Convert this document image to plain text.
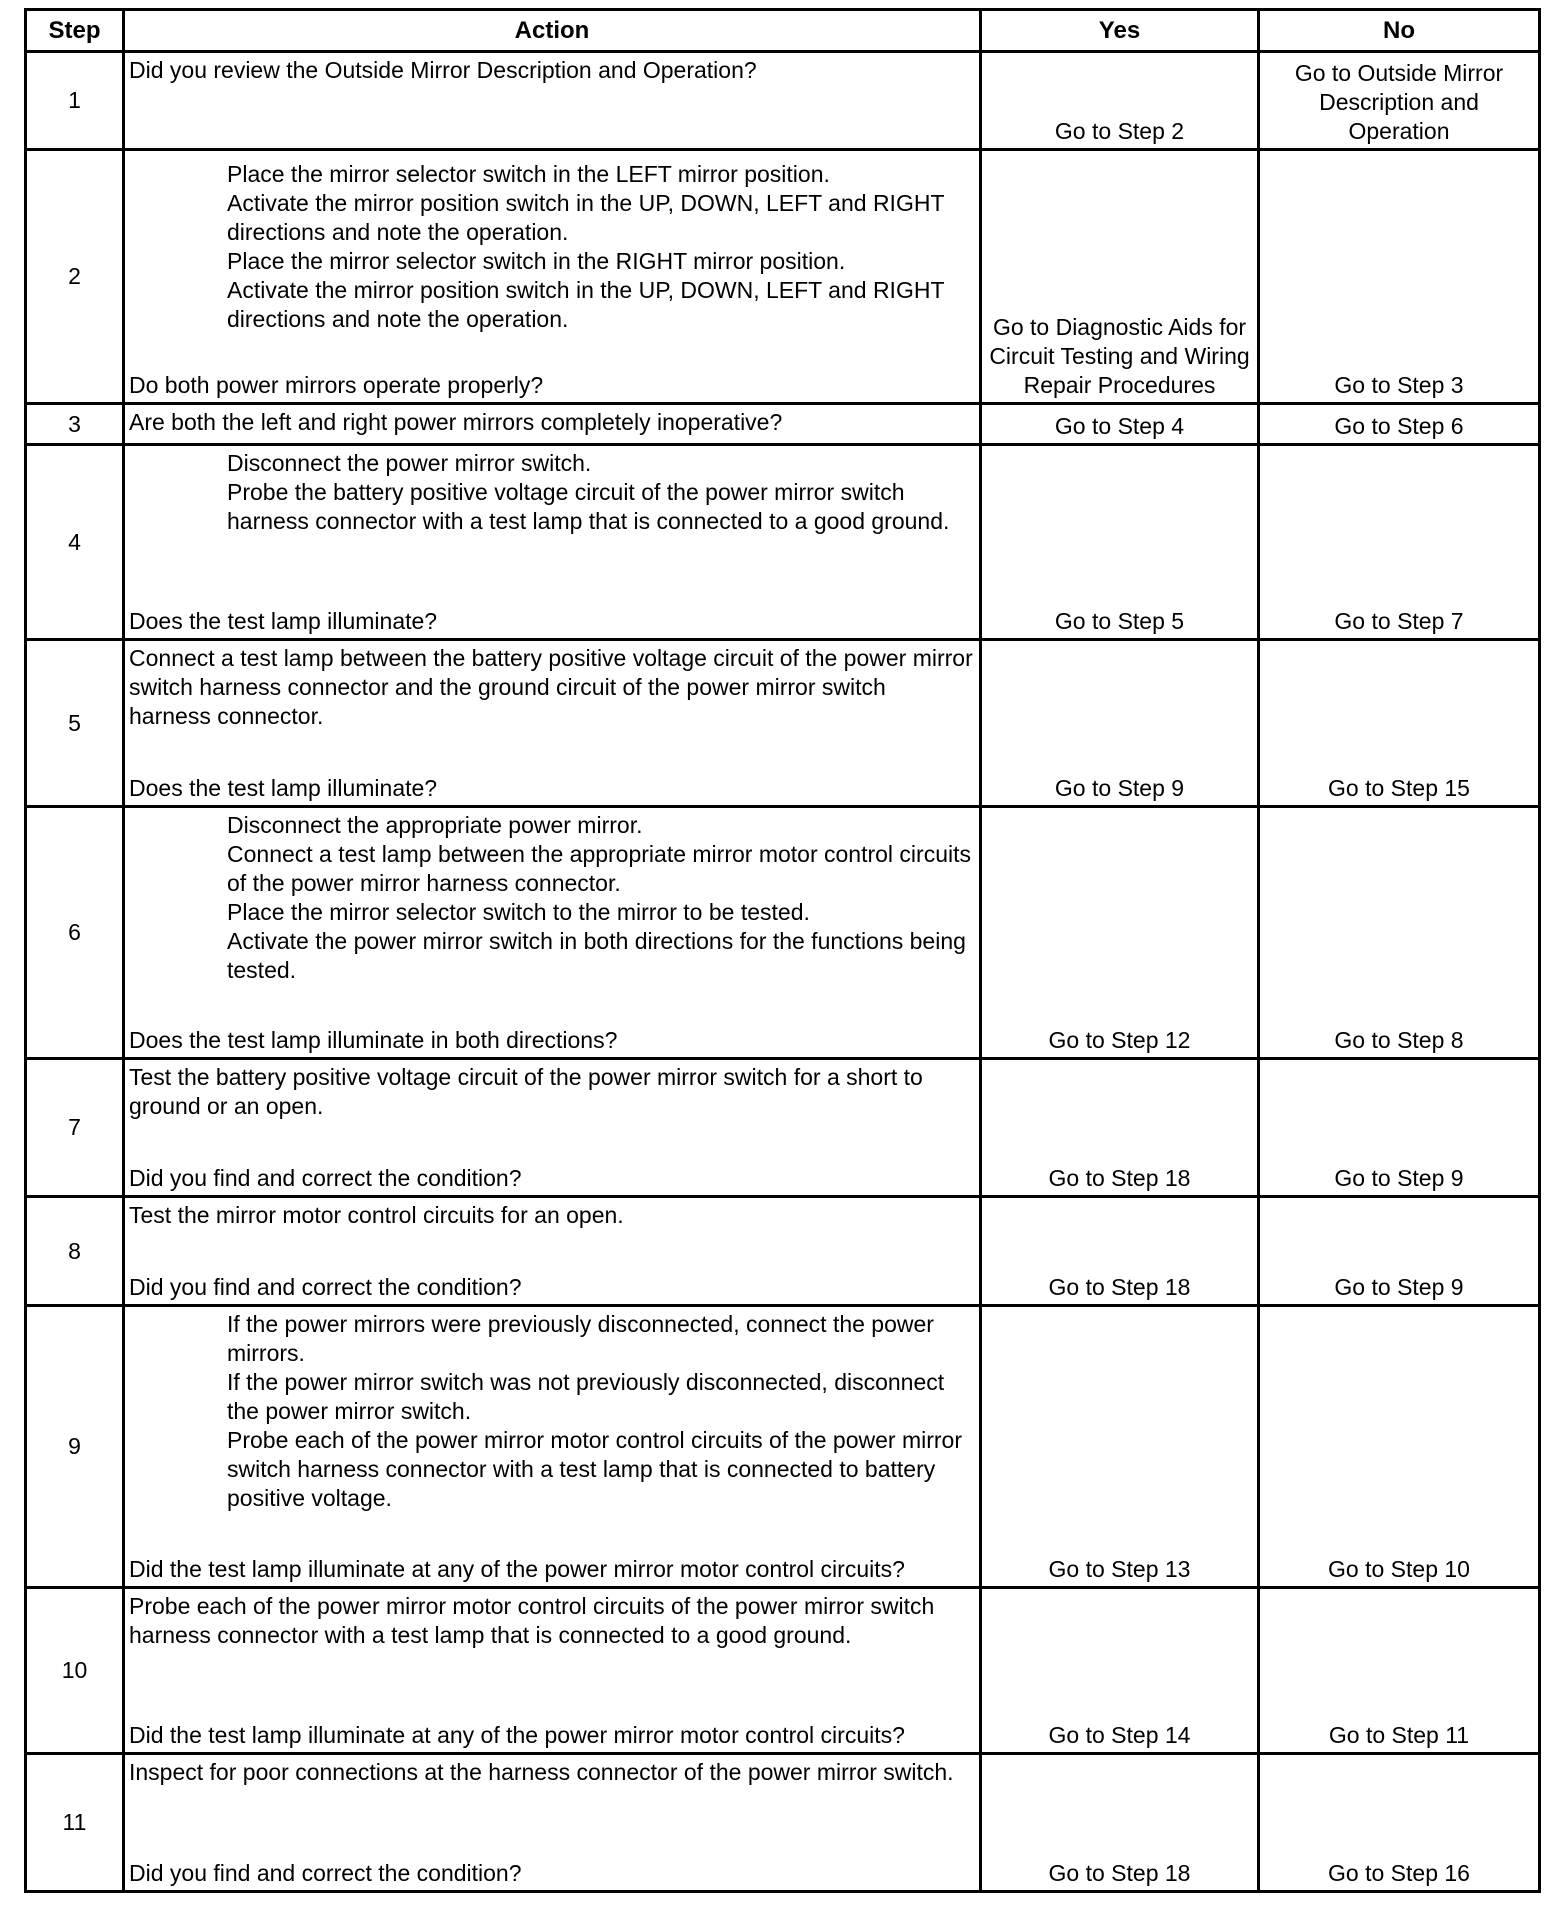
Step	Action	Yes	No
1	Did you review the Outside Mirror Description and Operation?	Go to Step 2	Go to Outside Mirror Description and Operation
2	Place the mirror selector switch in the LEFT mirror position.
Activate the mirror position switch in the UP, DOWN, LEFT and RIGHT directions and note the operation.
Place the mirror selector switch in the RIGHT mirror position.
Activate the mirror position switch in the UP, DOWN, LEFT and RIGHT directions and note the operation.
Do both power mirrors operate properly?	Go to Diagnostic Aids for Circuit Testing and Wiring Repair Procedures	Go to Step 3
3	Are both the left and right power mirrors completely inoperative?	Go to Step 4	Go to Step 6
4	Disconnect the power mirror switch.
Probe the battery positive voltage circuit of the power mirror switch harness connector with a test lamp that is connected to a good ground.
Does the test lamp illuminate?	Go to Step 5	Go to Step 7
5	Connect a test lamp between the battery positive voltage circuit of the power mirror switch harness connector and the ground circuit of the power mirror switch harness connector.
Does the test lamp illuminate?	Go to Step 9	Go to Step 15
6	Disconnect the appropriate power mirror.
Connect a test lamp between the appropriate mirror motor control circuits of the power mirror harness connector.
Place the mirror selector switch to the mirror to be tested.
Activate the power mirror switch in both directions for the functions being tested.
Does the test lamp illuminate in both directions?	Go to Step 12	Go to Step 8
7	Test the battery positive voltage circuit of the power mirror switch for a short to ground or an open.
Did you find and correct the condition?	Go to Step 18	Go to Step 9
8	Test the mirror motor control circuits for an open.
Did you find and correct the condition?	Go to Step 18	Go to Step 9
9	If the power mirrors were previously disconnected, connect the power mirrors.
If the power mirror switch was not previously disconnected, disconnect the power mirror switch.
Probe each of the power mirror motor control circuits of the power mirror switch harness connector with a test lamp that is connected to battery positive voltage.
Did the test lamp illuminate at any of the power mirror motor control circuits?	Go to Step 13	Go to Step 10
10	Probe each of the power mirror motor control circuits of the power mirror switch harness connector with a test lamp that is connected to a good ground.
Did the test lamp illuminate at any of the power mirror motor control circuits?	Go to Step 14	Go to Step 11
11	Inspect for poor connections at the harness connector of the power mirror switch.
Did you find and correct the condition?	Go to Step 18	Go to Step 16
